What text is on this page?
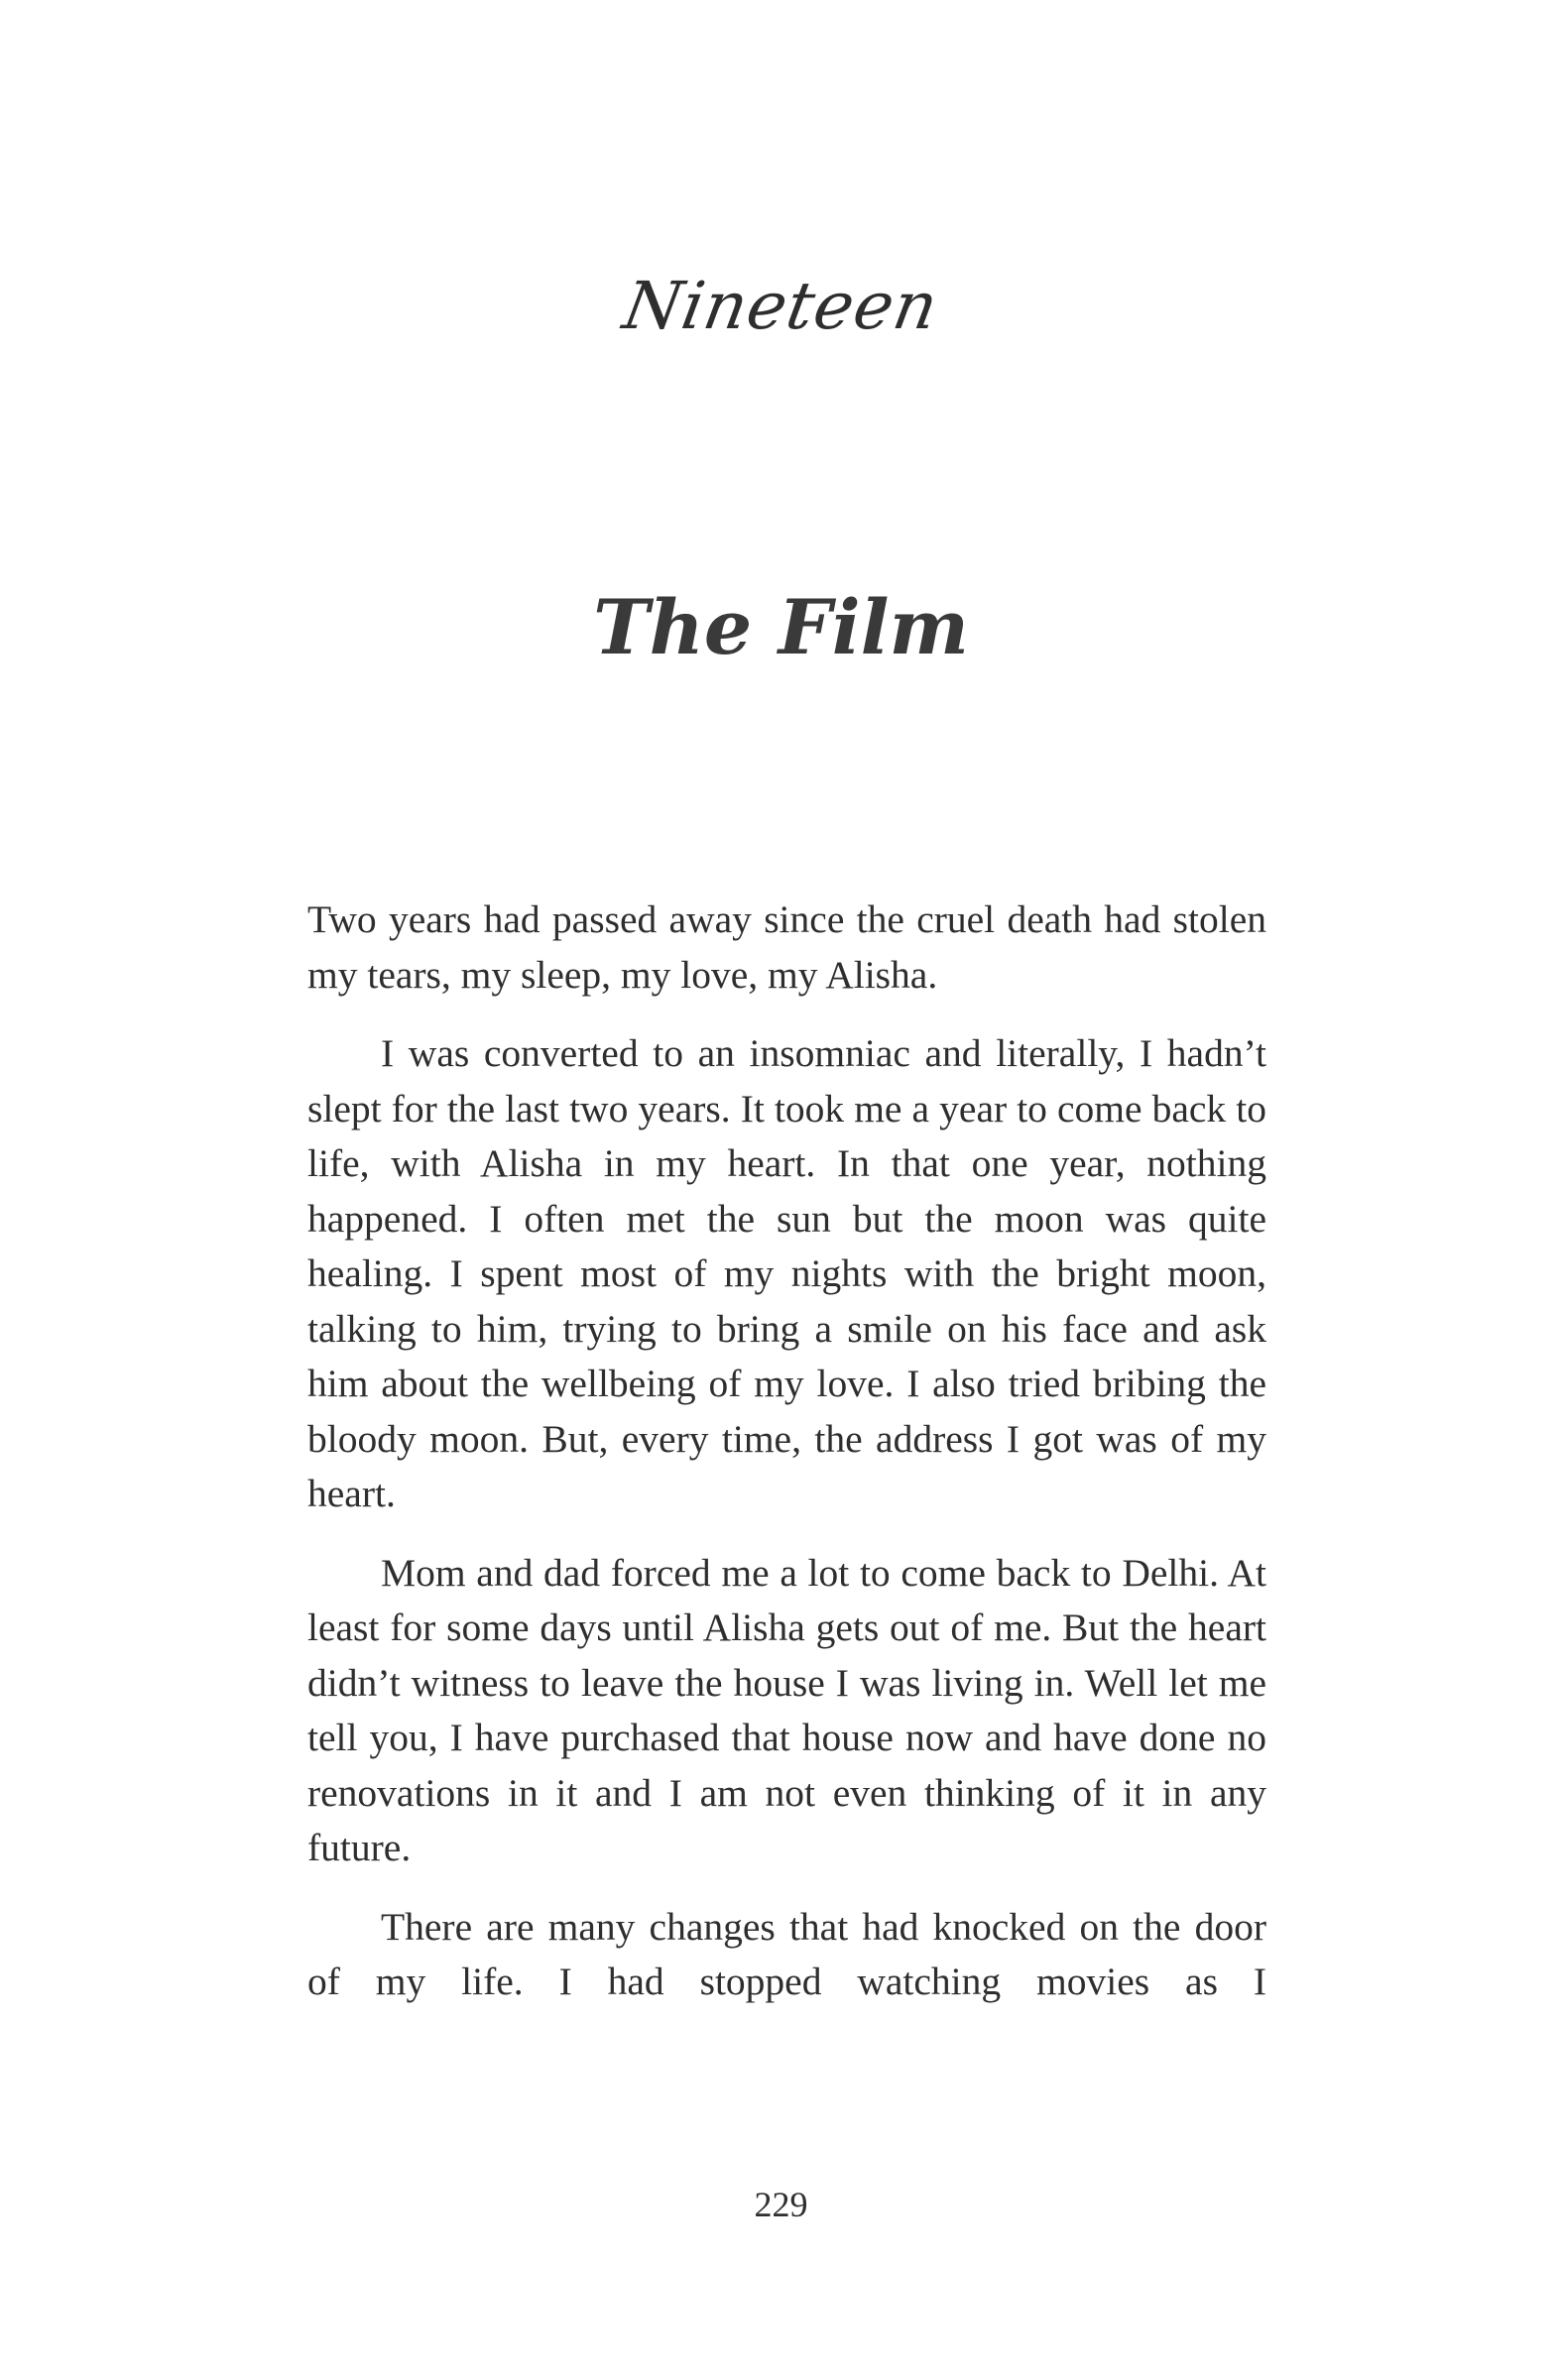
Nineteen
The Film

Two years had passed away since the cruel death had stolen my tears, my sleep, my love, my Alisha.

I was converted to an insomniac and literally, I hadn’t slept for the last two years. It took me a year to come back to life, with Alisha in my heart. In that one year, nothing happened. I often met the sun but the moon was quite healing. I spent most of my nights with the bright moon, talking to him, trying to bring a smile on his face and ask him about the wellbeing of my love. I also tried bribing the bloody moon. But, every time, the address I got was of my heart.

Mom and dad forced me a lot to come back to Delhi. At least for some days until Alisha gets out of me. But the heart didn’t witness to leave the house I was living in. Well let me tell you, I have purchased that house now and have done no renovations in it and I am not even thinking of it in any future.

There are many changes that had knocked on the door of my life. I had stopped watching movies as I

229
